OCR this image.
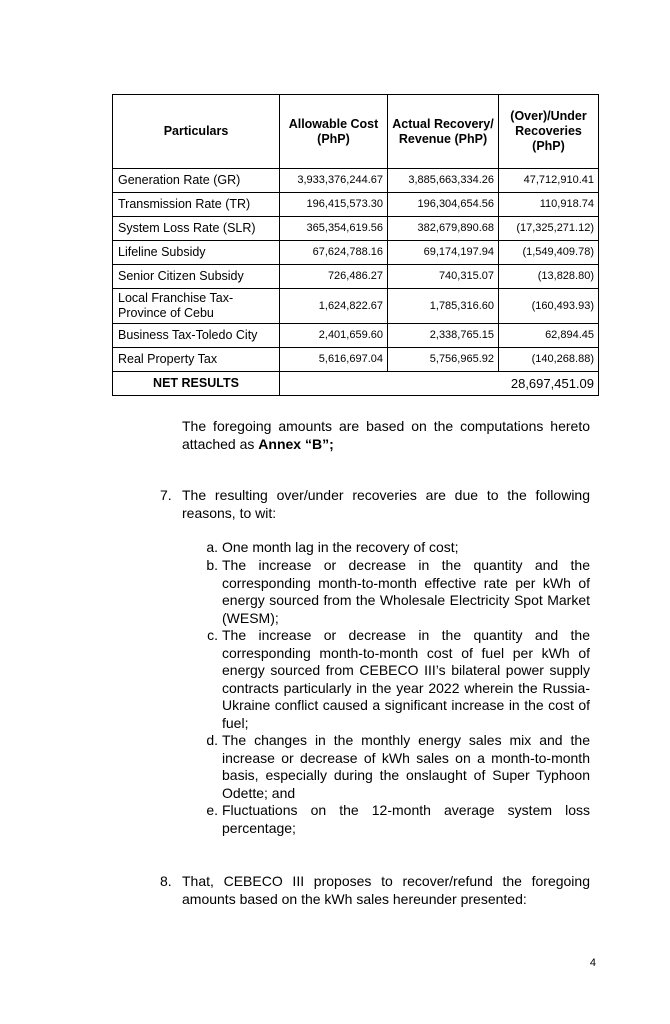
Particulars	Allowable Cost (PhP)	Actual Recovery/ Revenue (PhP)	(Over)/Under Recoveries (PhP)
Generation Rate (GR)	3,933,376,244.67	3,885,663,334.26	47,712,910.41
Transmission Rate (TR)	196,415,573.30	196,304,654.56	110,918.74
System Loss Rate (SLR)	365,354,619.56	382,679,890.68	(17,325,271.12)
Lifeline Subsidy	67,624,788.16	69,174,197.94	(1,549,409.78)
Senior Citizen Subsidy	726,486.27	740,315.07	(13,828.80)
Local Franchise Tax-Province of Cebu	1,624,822.67	1,785,316.60	(160,493.93)
Business Tax-Toledo City	2,401,659.60	2,338,765.15	62,894.45
Real Property Tax	5,616,697.04	5,756,965.92	(140,268.88)
NET RESULTS	28,697,451.09		

The foregoing amounts are based on the computations hereto attached as Annex “B”;

7. The resulting over/under recoveries are due to the following reasons, to wit:

a. One month lag in the recovery of cost;

b. The increase or decrease in the quantity and the corresponding month-to-month effective rate per kWh of energy sourced from the Wholesale Electricity Spot Market (WESM);

c. The increase or decrease in the quantity and the corresponding month-to-month cost of fuel per kWh of energy sourced from CEBECO III’s bilateral power supply contracts particularly in the year 2022 wherein the Russia-Ukraine conflict caused a significant increase in the cost of fuel;

d. The changes in the monthly energy sales mix and the increase or decrease of kWh sales on a month-to-month basis, especially during the onslaught of Super Typhoon Odette; and

e. Fluctuations on the 12-month average system loss percentage;

8. That, CEBECO III proposes to recover/refund the foregoing amounts based on the kWh sales hereunder presented:

4
